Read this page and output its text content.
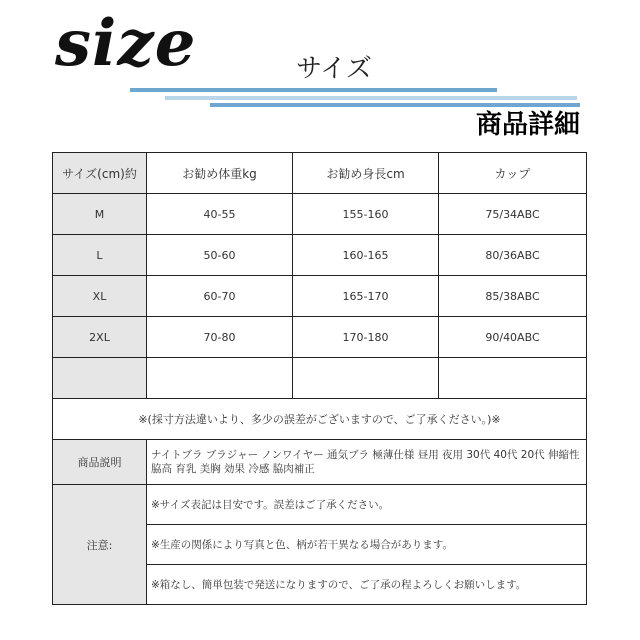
size	サイズ
商品詳細
サイズ(cm)約	お勧め体重kg	お勧め身長cm	カップ
M	40-55	155-160	75/34ABC
L	50-60	160-165	80/36ABC
XL	60-70	165-170	85/38ABC
2XL	70-80	170-180	90/40ABC

※(採寸方法違いより、多少の誤差がございますので、ご了承ください。)※			
商品説明	ナイトブラ ブラジャー ノンワイヤー 通気ブラ 極薄仕様 昼用 夜用 30代 40代 20代 伸縮性 脇高 育乳 美胸 効果 冷感 脇肉補正		
注意:	※サイズ表記は目安です。誤差はご了承ください。		
	※生産の関係により写真と色、柄が若干異なる場合があります。		
	※箱なし、簡単包装で発送になりますので、ご了承の程よろしくお願いします。		
